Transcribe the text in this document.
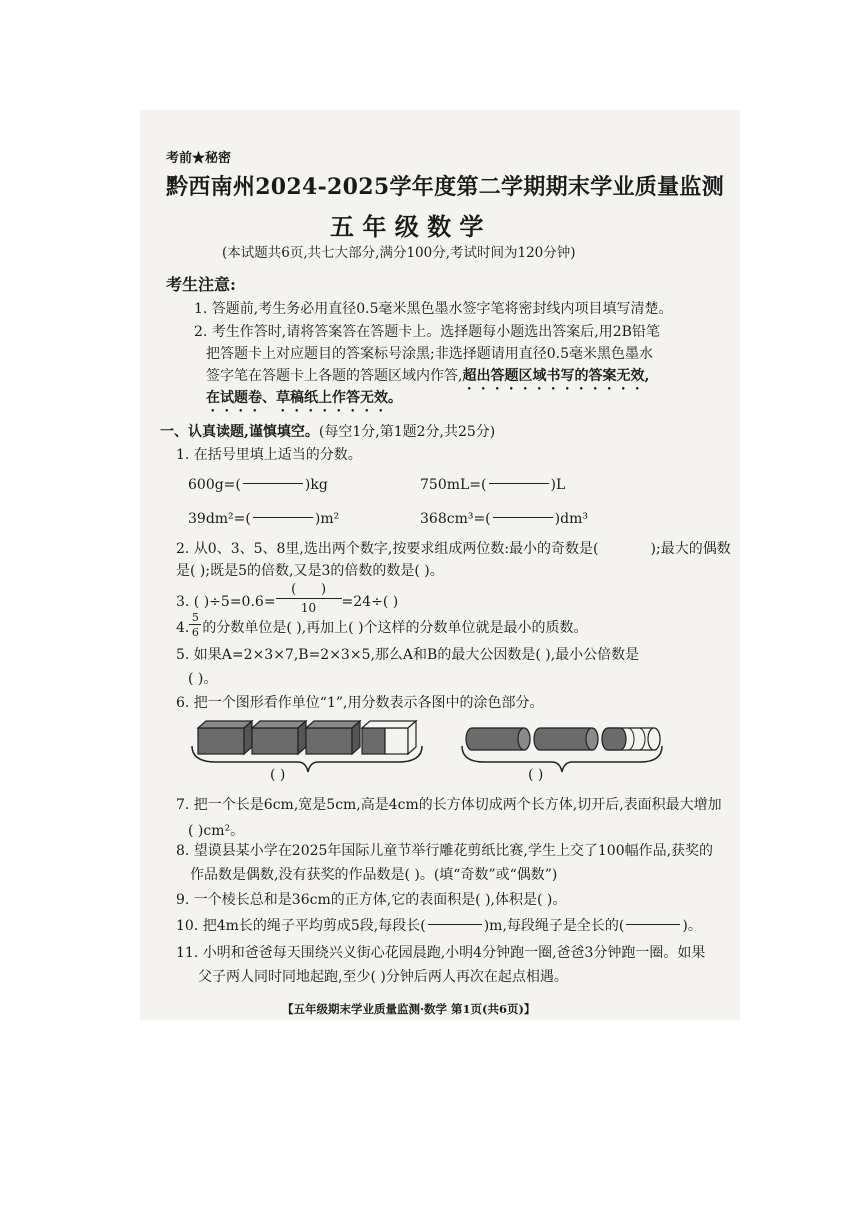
考前★秘密
黔西南州2024-2025学年度第二学期期末学业质量监测
五 年 级 数 学
(本试题共6页,共七大部分,满分100分,考试时间为120分钟)
考生注意:
1. 答题前,考生务必用直径0.5毫米黑色墨水签字笔将密封线内项目填写清楚。
2. 考生作答时,请将答案答在答题卡上。选择题每小题选出答案后,用2B铅笔
把答题卡上对应题目的答案标号涂黑;非选择题请用直径0.5毫米黑色墨水
签字笔在答题卡上各题的答题区域内作答,超出答题区域书写的答案无效,
在试题卷、草稿纸上作答无效。
一、认真读题,谨慎填空。(每空1分,第1题2分,共25分)
1. 在括号里填上适当的分数。
600g=(	)kg	750mL=(	)L
39dm²=(	)m²	368cm³=(	)dm³
2. 从0、3、5、8里,选出两个数字,按要求组成两位数:最小的奇数是(	);最大的偶数
是( );既是5的倍数,又是3的倍数的数是( )。
3. ( )÷5=0.6=
(      )
10	=24÷( )
4. $\frac{5}{6}$ 的分数单位是( ),再加上( )个这样的分数单位就是最小的质数。
5. 如果A=2×3×7,B=2×3×5,那么A和B的最大公因数是( ),最小公倍数是
( )。
6. 把一个图形看作单位“1”,用分数表示各图中的涂色部分。
( )	( )
7. 把一个长是6cm,宽是5cm,高是4cm的长方体切成两个长方体,切开后,表面积最大增加
( )cm²。
8. 望谟县某小学在2025年国际儿童节举行雕花剪纸比赛,学生上交了100幅作品,获奖的
作品数是偶数,没有获奖的作品数是( )。(填“奇数”或“偶数”)
9. 一个棱长总和是36cm的正方体,它的表面积是( ),体积是( )。
10. 把4m长的绳子平均剪成5段,每段长(	)m,每段绳子是全长的(	)。
11. 小明和爸爸每天围绕兴义街心花园晨跑,小明4分钟跑一圈,爸爸3分钟跑一圈。如果
父子两人同时同地起跑,至少( )分钟后两人再次在起点相遇。
【五年级期末学业质量监测·数学 第1页(共6页)】
